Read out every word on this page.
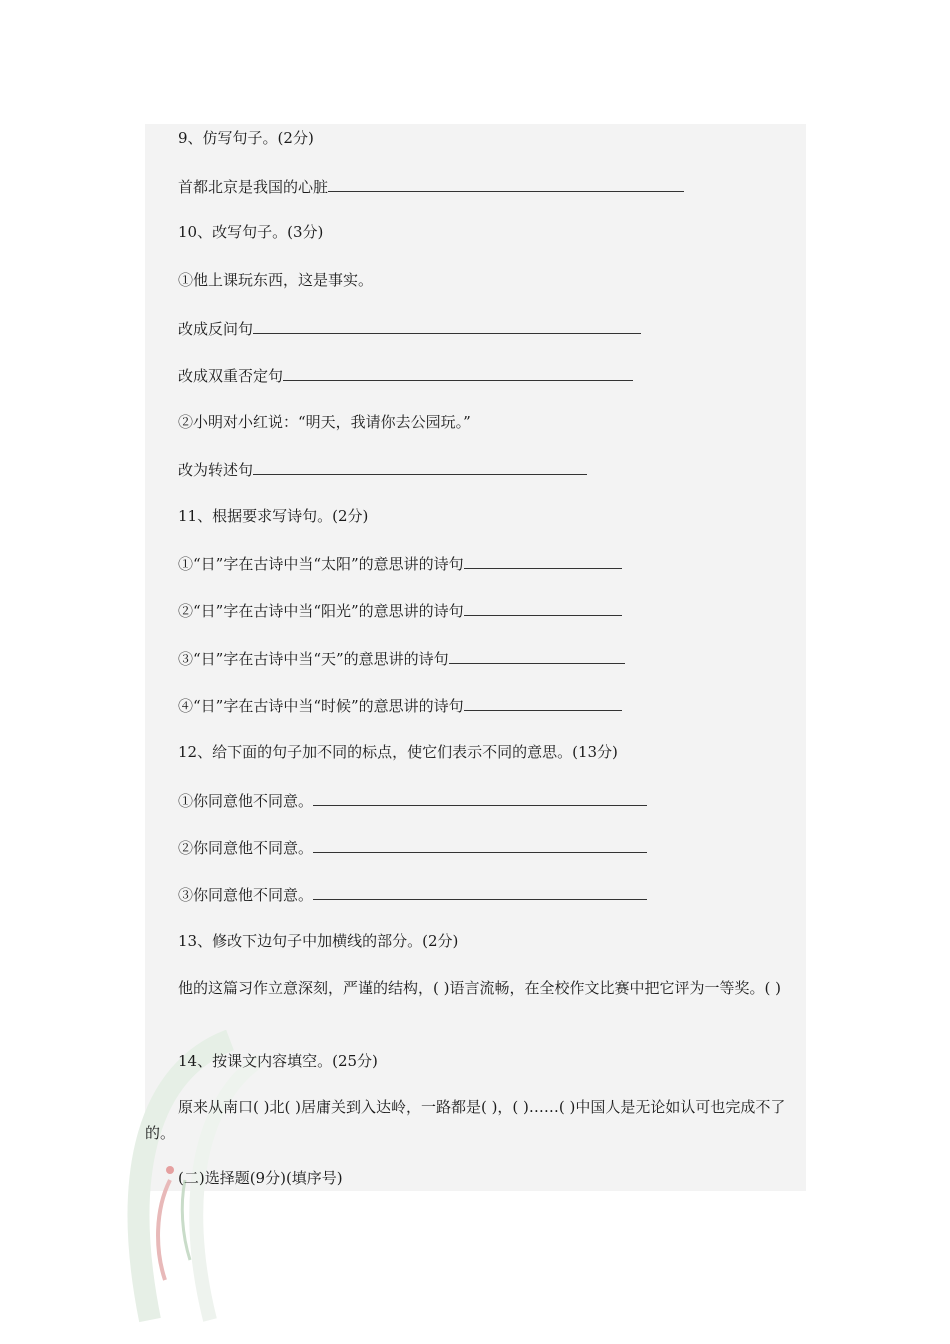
9、仿写句子。(2分)
首都北京是我国的心脏
10、改写句子。(3分)
①他上课玩东西，这是事实。
改成反问句
改成双重否定句
②小明对小红说：“明天，我请你去公园玩。”
改为转述句
11、根据要求写诗句。(2分)
①“日”字在古诗中当“太阳”的意思讲的诗句
②“日”字在古诗中当“阳光”的意思讲的诗句
③“日”字在古诗中当“天”的意思讲的诗句
④“日”字在古诗中当“时候”的意思讲的诗句
12、给下面的句子加不同的标点，使它们表示不同的意思。(13分)
①你同意他不同意。
②你同意他不同意。
③你同意他不同意。
13、修改下边句子中加横线的部分。(2分)
他的这篇习作立意深刻，严谨的结构，( )语言流畅，在全校作文比赛中把它评为一等奖。( )
14、按课文内容填空。(25分)
原来从南口( )北( )居庸关到入达岭，一路都是( )，( )……( )中国人是无论如认可也完成不了的。
(二)选择题(9分)(填序号)
